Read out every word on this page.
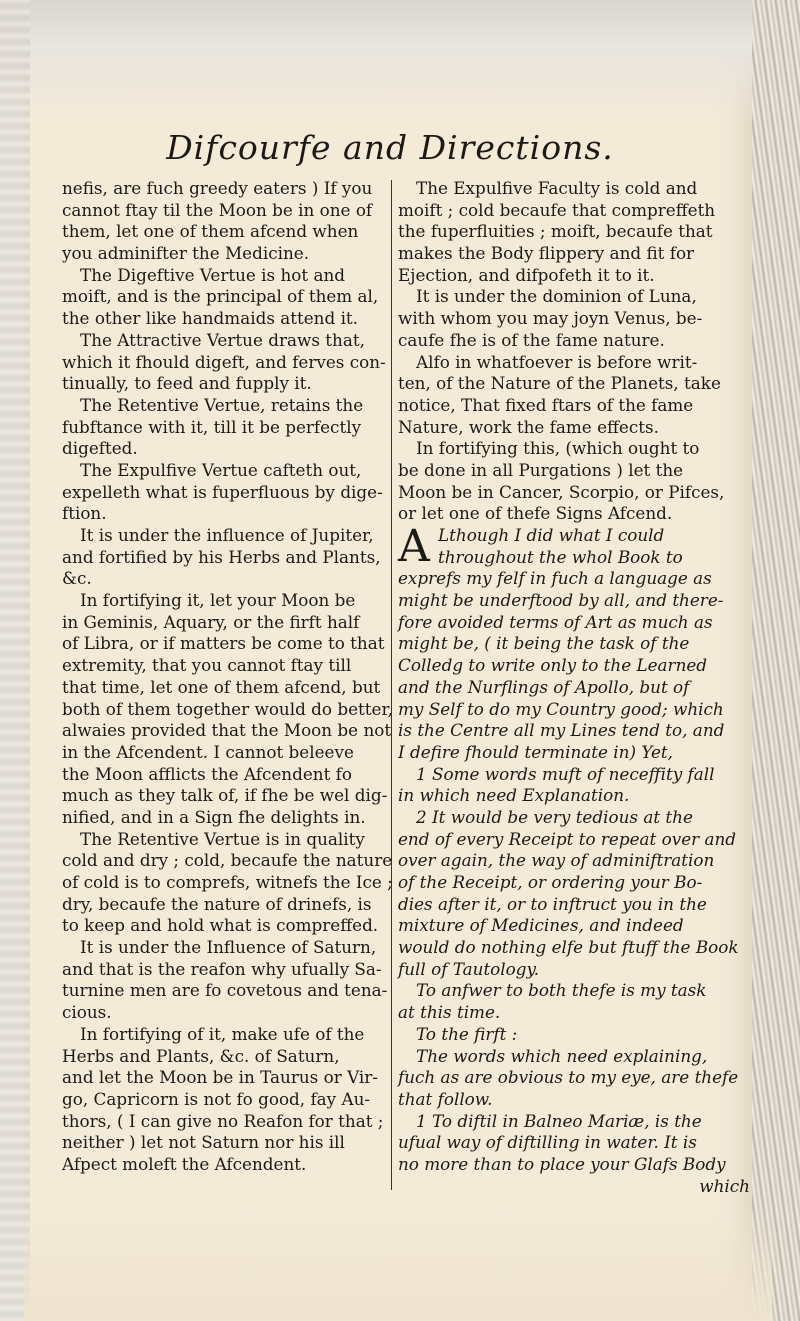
Difcourfe and Directions.
nefis, are fuch greedy eaters ) If you
cannot ftay til the Moon be in one of
them, let one of them afcend when
you adminifter the Medicine.
The Digeftive Vertue is hot and
moift, and is the principal of them al,
the other like handmaids attend it.
The Attractive Vertue draws that,
which it fhould digeft, and ferves con-
tinually, to feed and fupply it.
The Retentive Vertue, retains the
fubftance with it, till it be perfectly
digefted.
The Expulfive Vertue cafteth out,
expelleth what is fuperfluous by dige-
ftion.
It is under the influence of Jupiter,
and fortified by his Herbs and Plants,
&c.
In fortifying it, let your Moon be
in Geminis, Aquary, or the firft half
of Libra, or if matters be come to that
extremity, that you cannot ftay till
that time, let one of them afcend, but
both of them together would do better,
alwaies provided that the Moon be not
in the Afcendent. I cannot beleeve
the Moon afflicts the Afcendent fo
much as they talk of, if fhe be wel dig-
nified, and in a Sign fhe delights in.
The Retentive Vertue is in quality
cold and dry ; cold, becaufe the nature
of cold is to comprefs, witnefs the Ice ;
dry, becaufe the nature of drinefs, is
to keep and hold what is compreffed.
It is under the Influence of Saturn,
and that is the reafon why ufually Sa-
turnine men are fo covetous and tena-
cious.
In fortifying of it, make ufe of the
Herbs and Plants, &c. of Saturn,
and let the Moon be in Taurus or Vir-
go, Capricorn is not fo good, fay Au-
thors, ( I can give no Reafon for that ;
neither ) let not Saturn nor his ill
Afpect moleft the Afcendent.
The Expulfive Faculty is cold and
moift ; cold becaufe that compreffeth
the fuperfluities ; moift, becaufe that
makes the Body flippery and fit for
Ejection, and difpofeth it to it.
It is under the dominion of Luna,
with whom you may joyn Venus, be-
caufe fhe is of the fame nature.
Alfo in whatfoever is before writ-
ten, of the Nature of the Planets, take
notice, That fixed ftars of the fame
Nature, work the fame effects.
In fortifying this, (which ought to
be done in all Purgations ) let the
Moon be in Cancer, Scorpio, or Pifces,
or let one of thefe Signs Afcend.
A Lthough I did what I could
throughout the whol Book to
exprefs my felf in fuch a language as
might be underftood by all, and there-
fore avoided terms of Art as much as
might be, ( it being the task of the
Colledg to write only to the Learned
and the Nurflings of Apollo, but of
my Self to do my Country good; which
is the Centre all my Lines tend to, and
I defire fhould terminate in) Yet,
1 Some words muft of neceffity fall
in which need Explanation.
2 It would be very tedious at the
end of every Receipt to repeat over and
over again, the way of adminiftration
of the Receipt, or ordering your Bo-
dies after it, or to inftruct you in the
mixture of Medicines, and indeed
would do nothing elfe but ftuff the Book
full of Tautology.
To anfwer to both thefe is my task
at this time.
To the firft :
The words which need explaining,
fuch as are obvious to my eye, are thefe
that follow.
1 To diftil in Balneo Mariæ, is the
ufual way of diftilling in water. It is
no more than to place your Glafs Body
which
